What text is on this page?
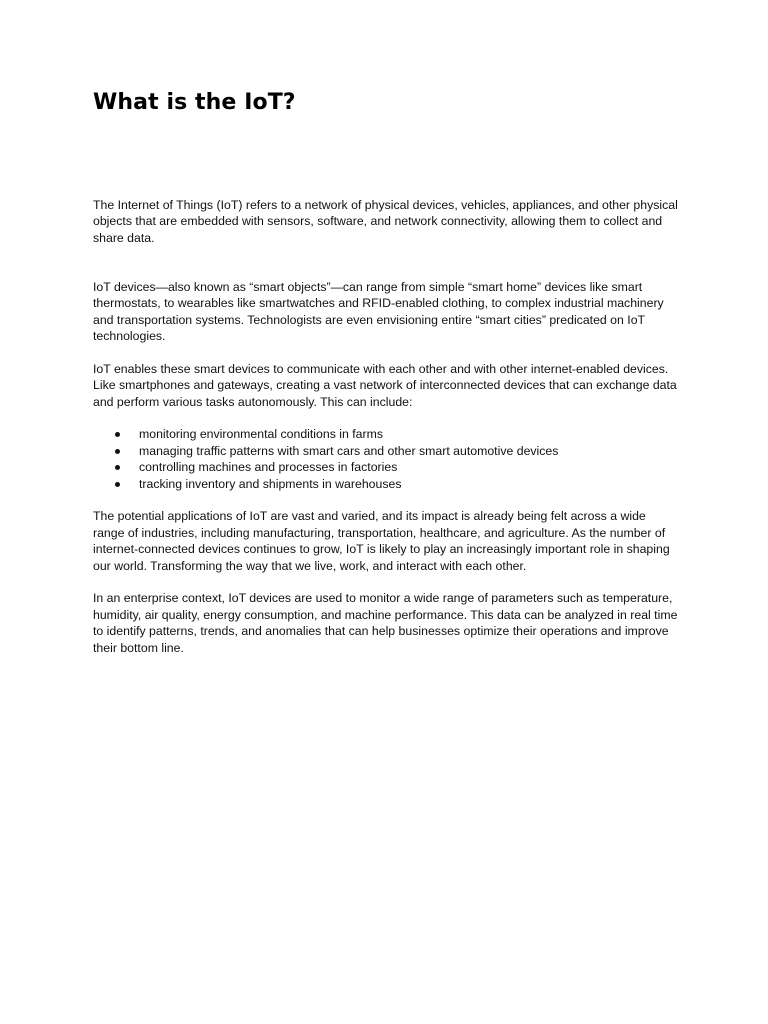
What is the IoT?

The Internet of Things (IoT) refers to a network of physical devices, vehicles, appliances, and other physical objects that are embedded with sensors, software, and network connectivity, allowing them to collect and share data.

IoT devices—also known as “smart objects”—can range from simple “smart home” devices like smart thermostats, to wearables like smartwatches and RFID-enabled clothing, to complex industrial machinery and transportation systems. Technologists are even envisioning entire “smart cities” predicated on IoT technologies.

IoT enables these smart devices to communicate with each other and with other internet-enabled devices. Like smartphones and gateways, creating a vast network of interconnected devices that can exchange data and perform various tasks autonomously. This can include:

monitoring environmental conditions in farms
managing traffic patterns with smart cars and other smart automotive devices
controlling machines and processes in factories
tracking inventory and shipments in warehouses

The potential applications of IoT are vast and varied, and its impact is already being felt across a wide range of industries, including manufacturing, transportation, healthcare, and agriculture. As the number of internet-connected devices continues to grow, IoT is likely to play an increasingly important role in shaping our world. Transforming the way that we live, work, and interact with each other.

In an enterprise context, IoT devices are used to monitor a wide range of parameters such as temperature, humidity, air quality, energy consumption, and machine performance. This data can be analyzed in real time to identify patterns, trends, and anomalies that can help businesses optimize their operations and improve their bottom line.
